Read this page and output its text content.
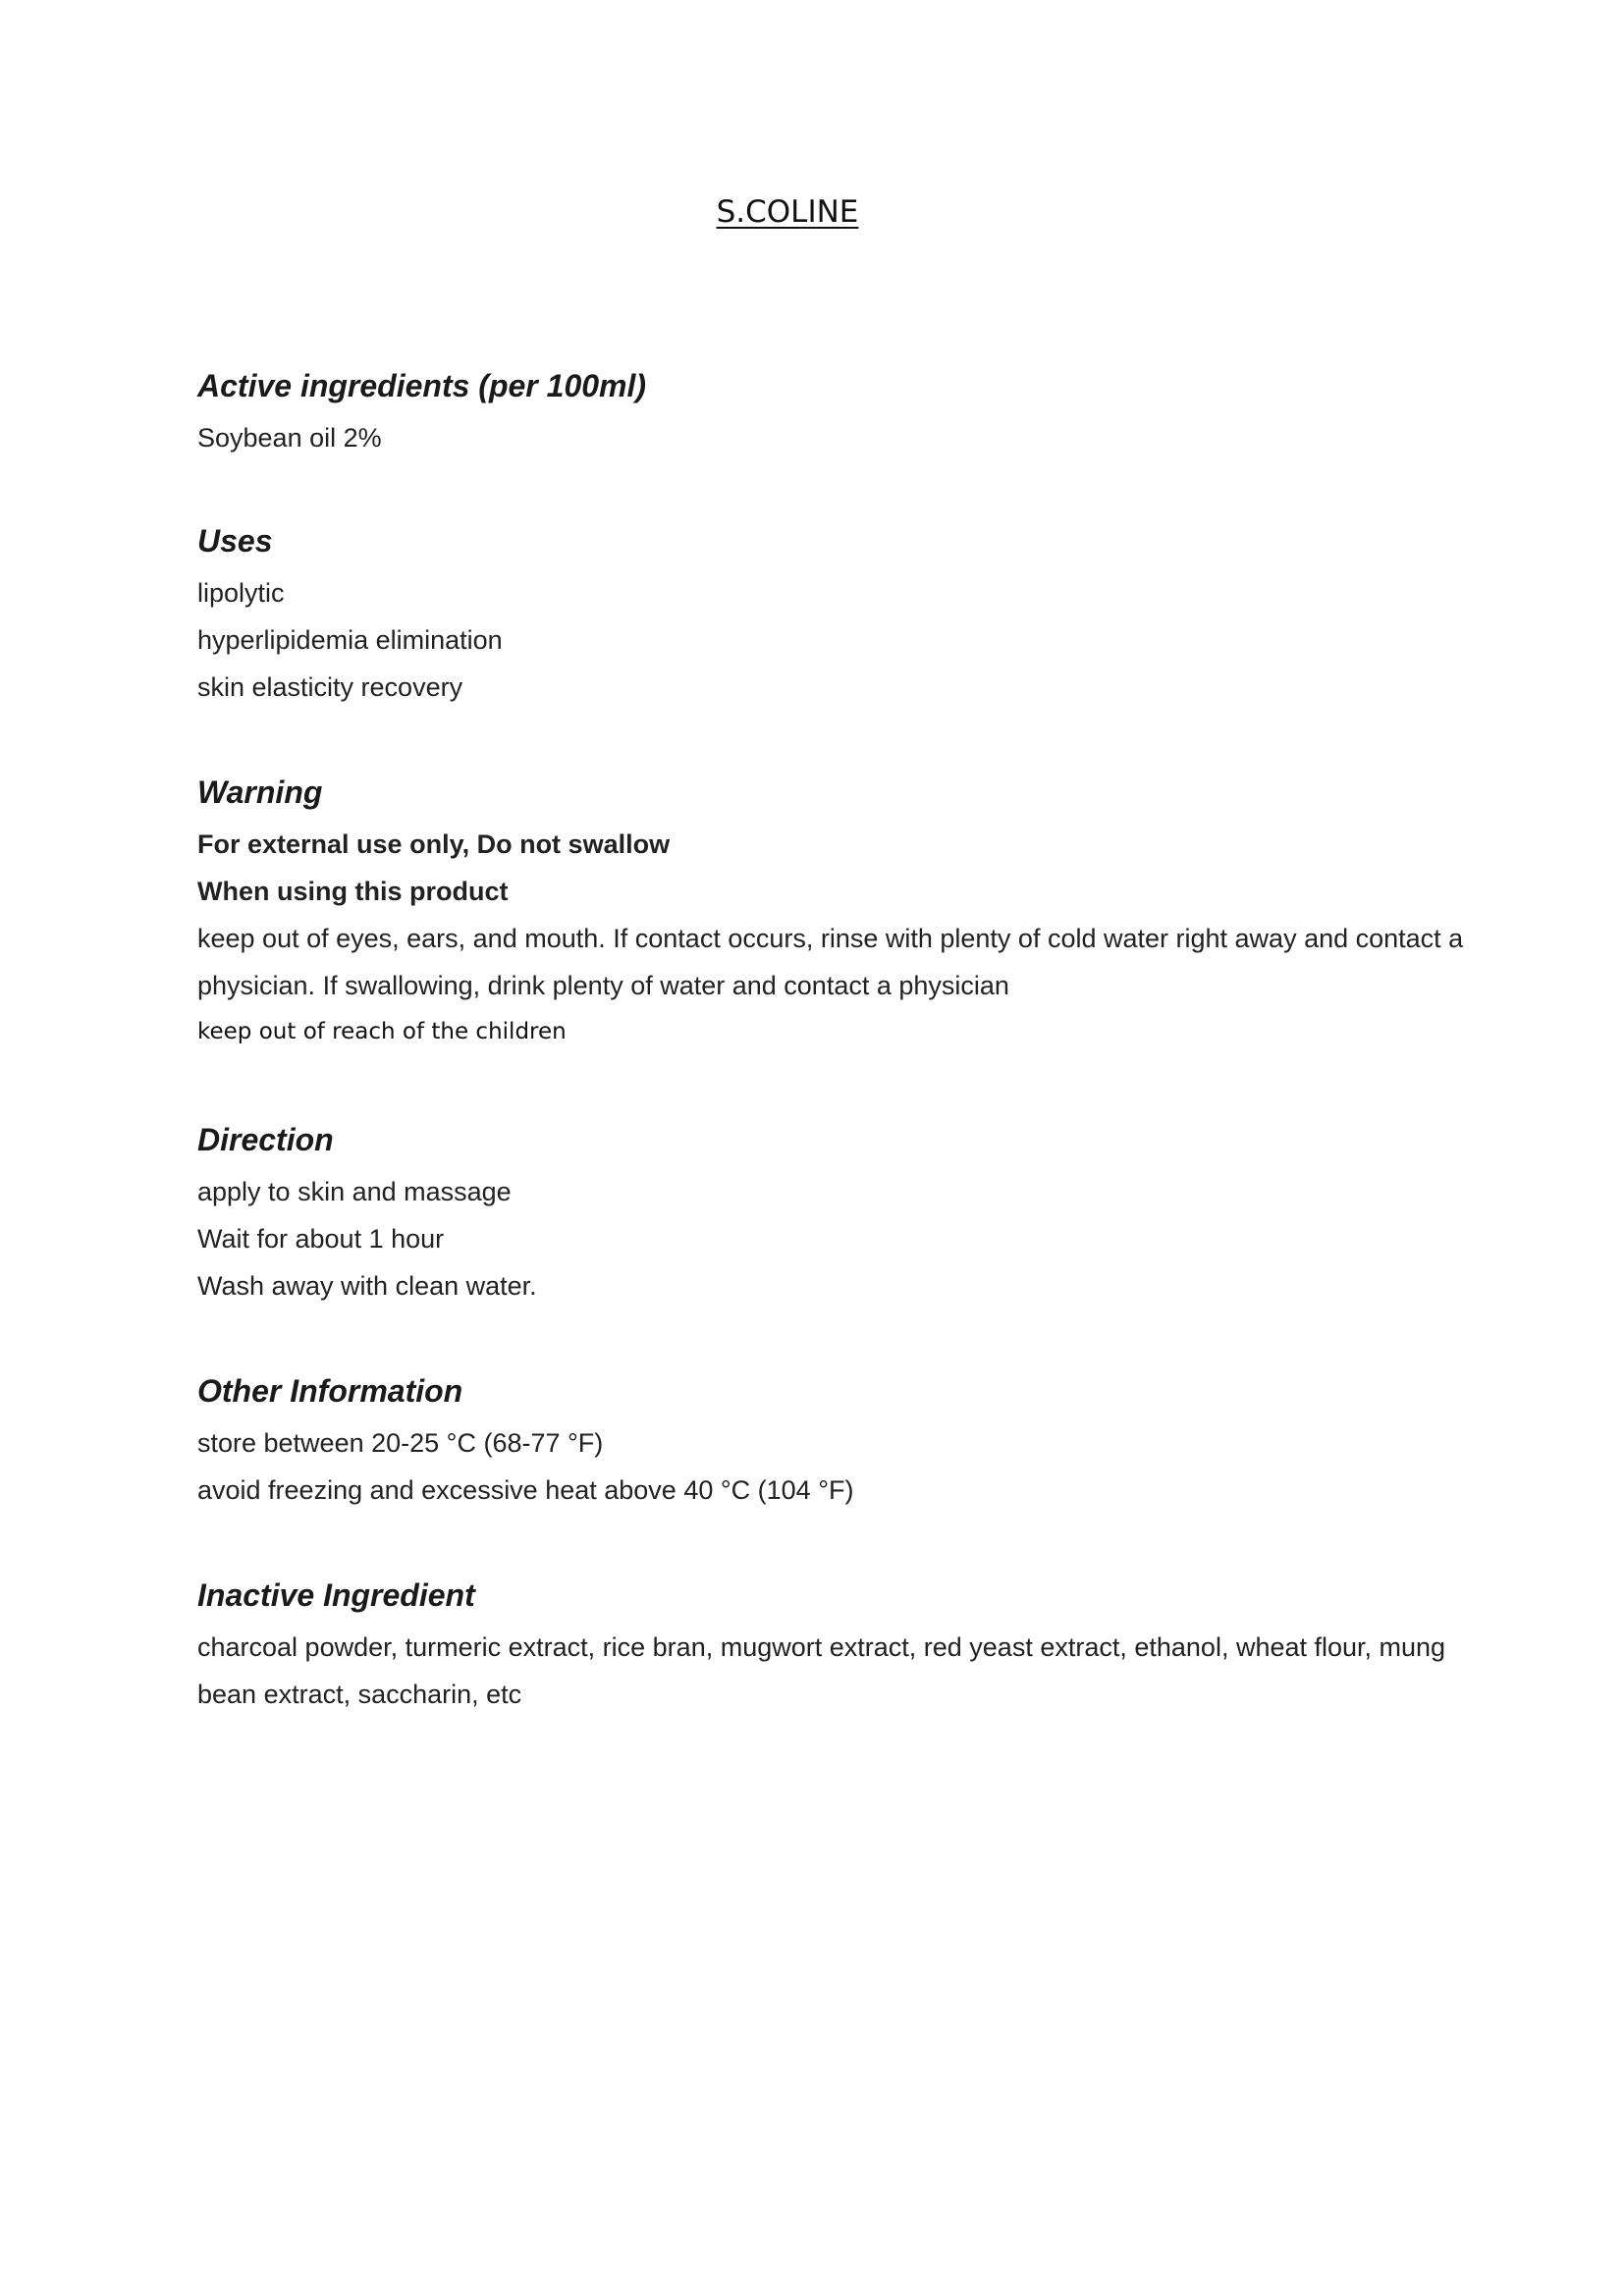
S.COLINE
Active ingredients (per 100ml)

Soybean oil 2%

Uses

lipolytic

hyperlipidemia elimination

skin elasticity recovery

Warning

For external use only, Do not swallow

When using this product

keep out of eyes, ears, and mouth. If contact occurs, rinse with plenty of cold water right away and contact a physician. If swallowing, drink plenty of water and contact a physician

keep out of reach of the children

Direction

apply to skin and massage

Wait for about 1 hour

Wash away with clean water.

Other Information

store between 20-25 °C (68-77 °F)

avoid freezing and excessive heat above 40 °C (104 °F)

Inactive Ingredient

charcoal powder, turmeric extract, rice bran, mugwort extract, red yeast extract, ethanol, wheat flour, mung bean extract, saccharin, etc
